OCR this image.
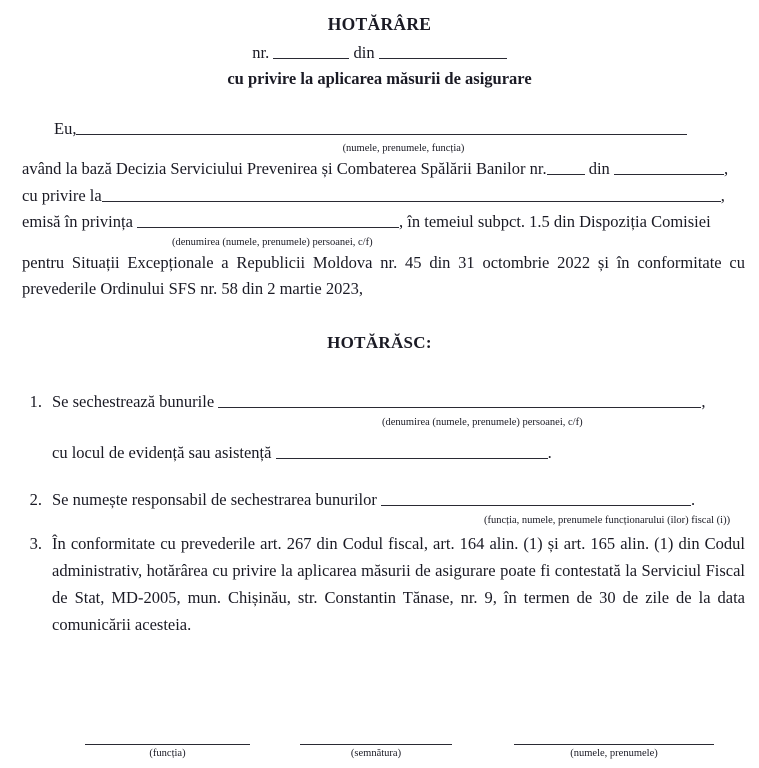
HOTĂRÂRE
nr.	din
cu privire la aplicarea măsurii de asigurare
Eu,
(numele, prenumele, funcția)
având la bază Decizia Serviciului Prevenirea și Combaterea Spălării Banilor nr.	din	,
cu privire la	,
emisă în privința	, în temeiul subpct. 1.5 din Dispoziția Comisiei
(denumirea (numele, prenumele) persoanei, c/f)
pentru Situații Excepționale a Republicii Moldova nr. 45 din 31 octombrie 2022 și în conformitate cu prevederile Ordinului SFS nr. 58 din 2 martie 2023,
HOTĂRĂSC:
1. Se sechestrează bunurile	,
(denumirea (numele, prenumele) persoanei, c/f)
cu locul de evidență sau asistență	.
2. Se numește responsabil de sechestrarea bunurilor	.
(funcția, numele, prenumele funcționarului (ilor) fiscal (i))
3. În conformitate cu prevederile art. 267 din Codul fiscal, art. 164 alin. (1) și art. 165 alin. (1) din Codul administrativ, hotărârea cu privire la aplicarea măsurii de asigurare poate fi contestată la Serviciul Fiscal de Stat, MD-2005, mun. Chișinău, str. Constantin Tănase, nr. 9, în termen de 30 de zile de la data comunicării acesteia.

(funcția)	(semnătura)	(numele, prenumele)
